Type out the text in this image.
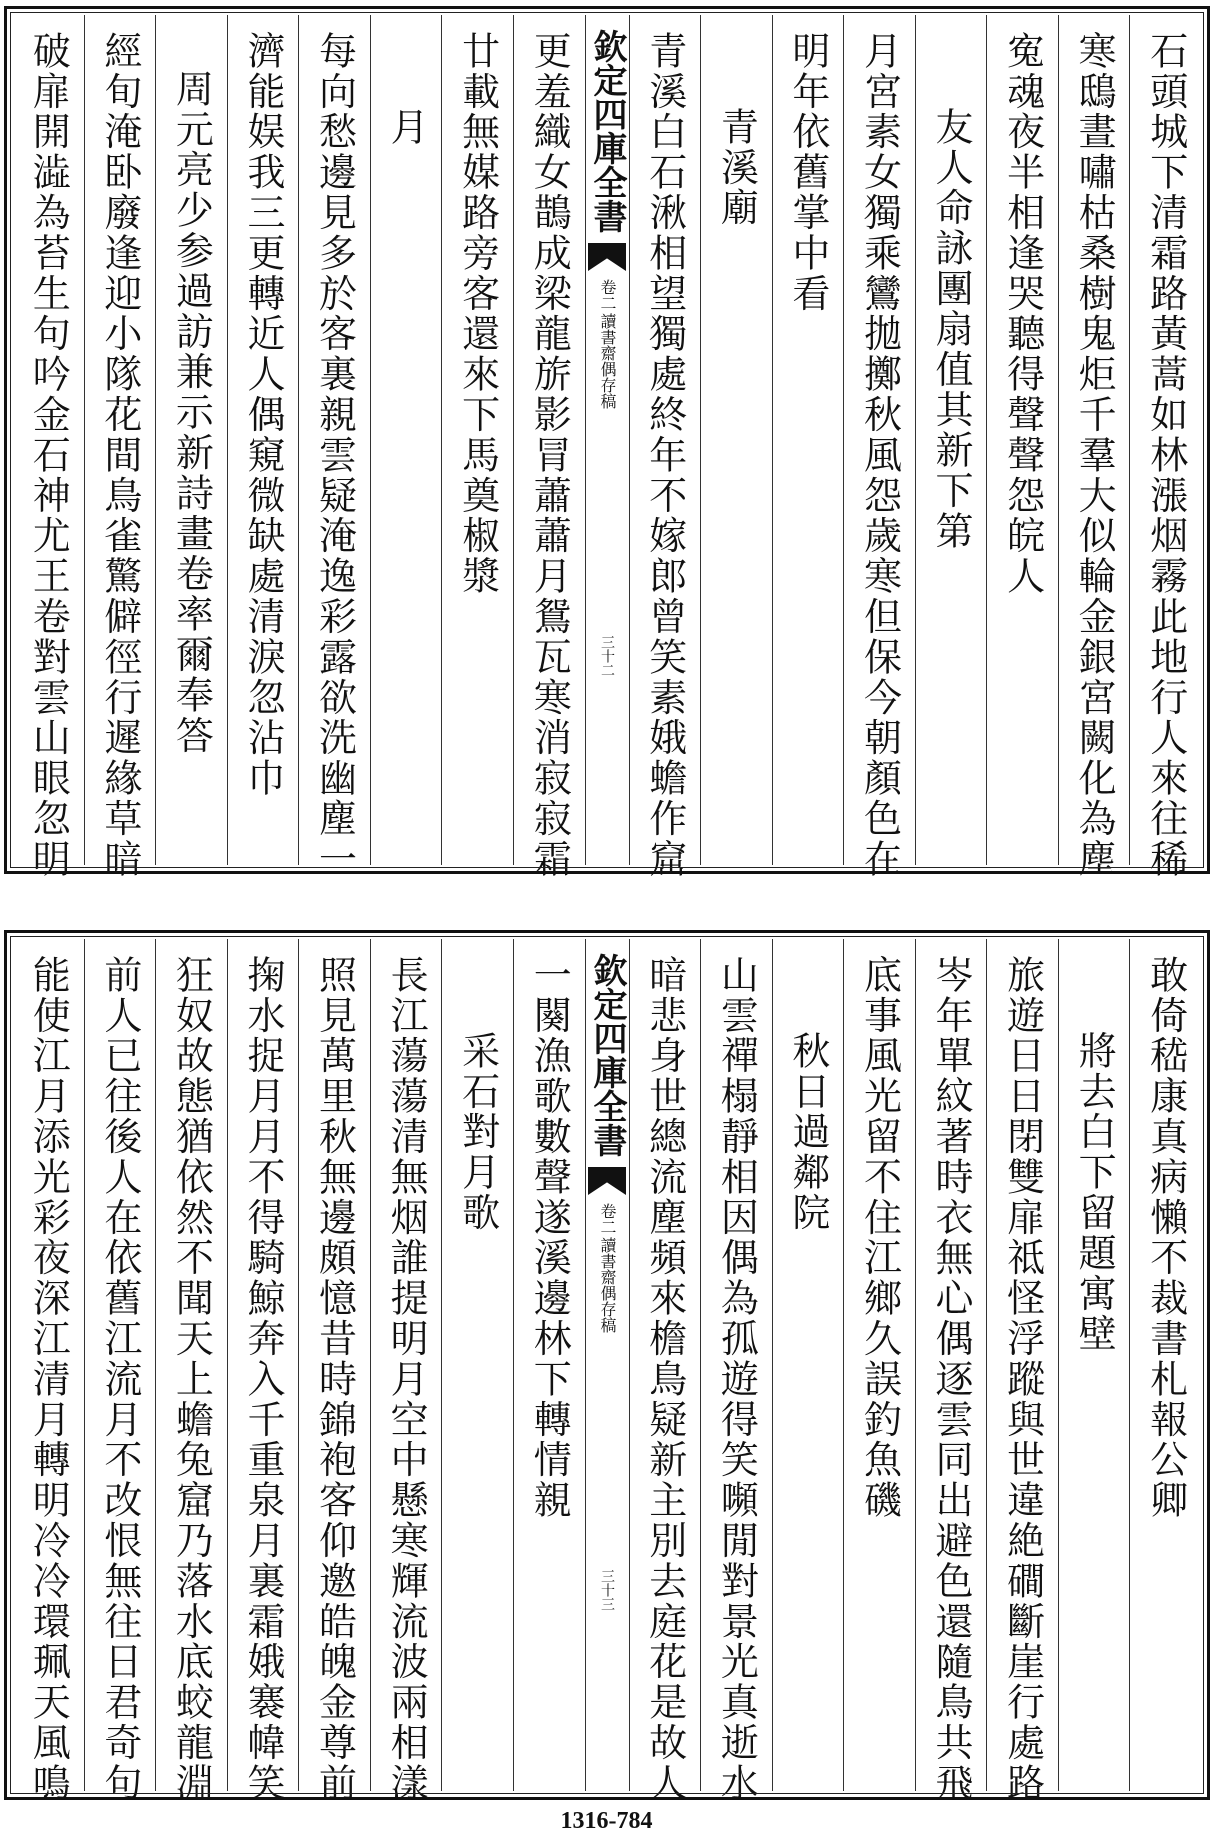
石頭城下清霜路黃蒿如林漲烟霧此地行人來往稀
寒鴟晝嘯枯桑樹鬼炬千羣大似輪金銀宮闕化為塵
寃魂夜半相逢哭聽得聲聲怨皖人
友人命詠團扇值其新下第
月宮素女獨乘鸞拋擲秋風怨歲寒但保今朝顏色在
明年依舊掌中看
青溪廟
青溪白石湫相望獨處終年不嫁郎曾笑素娥蟾作窟
欽定四庫全書
讀書齋偶存稿
卷二
三十二
更羞織女鵲成梁龍旂影冐蕭蕭月鴛瓦寒消寂寂霜
廿載無媒路旁客還來下馬奠椒漿
月
每向愁邊見多於客裏親雲疑淹逸彩露欲洗幽塵一
濟能娱我三更轉近人偶窺微缺處清淚忽沾巾
周元亮少参過訪兼示新詩畫卷率爾奉答
經旬淹卧廢逢迎小隊花間鳥雀驚僻徑行遲緣草暗
破扉開澁為苔生句吟金石神尤王卷對雲山眼忽明
敢倚嵇康真病懶不裁書札報公卿
將去白下留題寓壁
旅遊日日閉雙扉祗怪浮蹤與世違絶磵斷崖行處路
岑年單紋著時衣無心偶逐雲同出避色還隨鳥共飛
底事風光留不住江鄉久誤釣魚磯
秋日過鄰院
山雲禪榻靜相因偶為孤遊得笑嚬閒對景光真逝水
暗悲身世總流塵頻來檐鳥疑新主別去庭花是故人
欽定四庫全書
讀書齋偶存稿
卷二
三十三
一闋漁歌數聲遂溪邊林下轉情親
采石對月歌
長江蕩蕩清無烟誰提明月空中懸寒輝流波兩相漾
照見萬里秋無邊頗憶昔時錦袍客仰邀皓魄金尊前
掬水捉月月不得騎鯨奔入千重泉月裏霜娥褰幃笑
狂奴故態猶依然不聞天上蟾兔窟乃落水底蛟龍淵
前人已往後人在依舊江流月不改恨無往日君奇句
能使江月添光彩夜深江清月轉明冷冷環珮天風鳴
1316-784
